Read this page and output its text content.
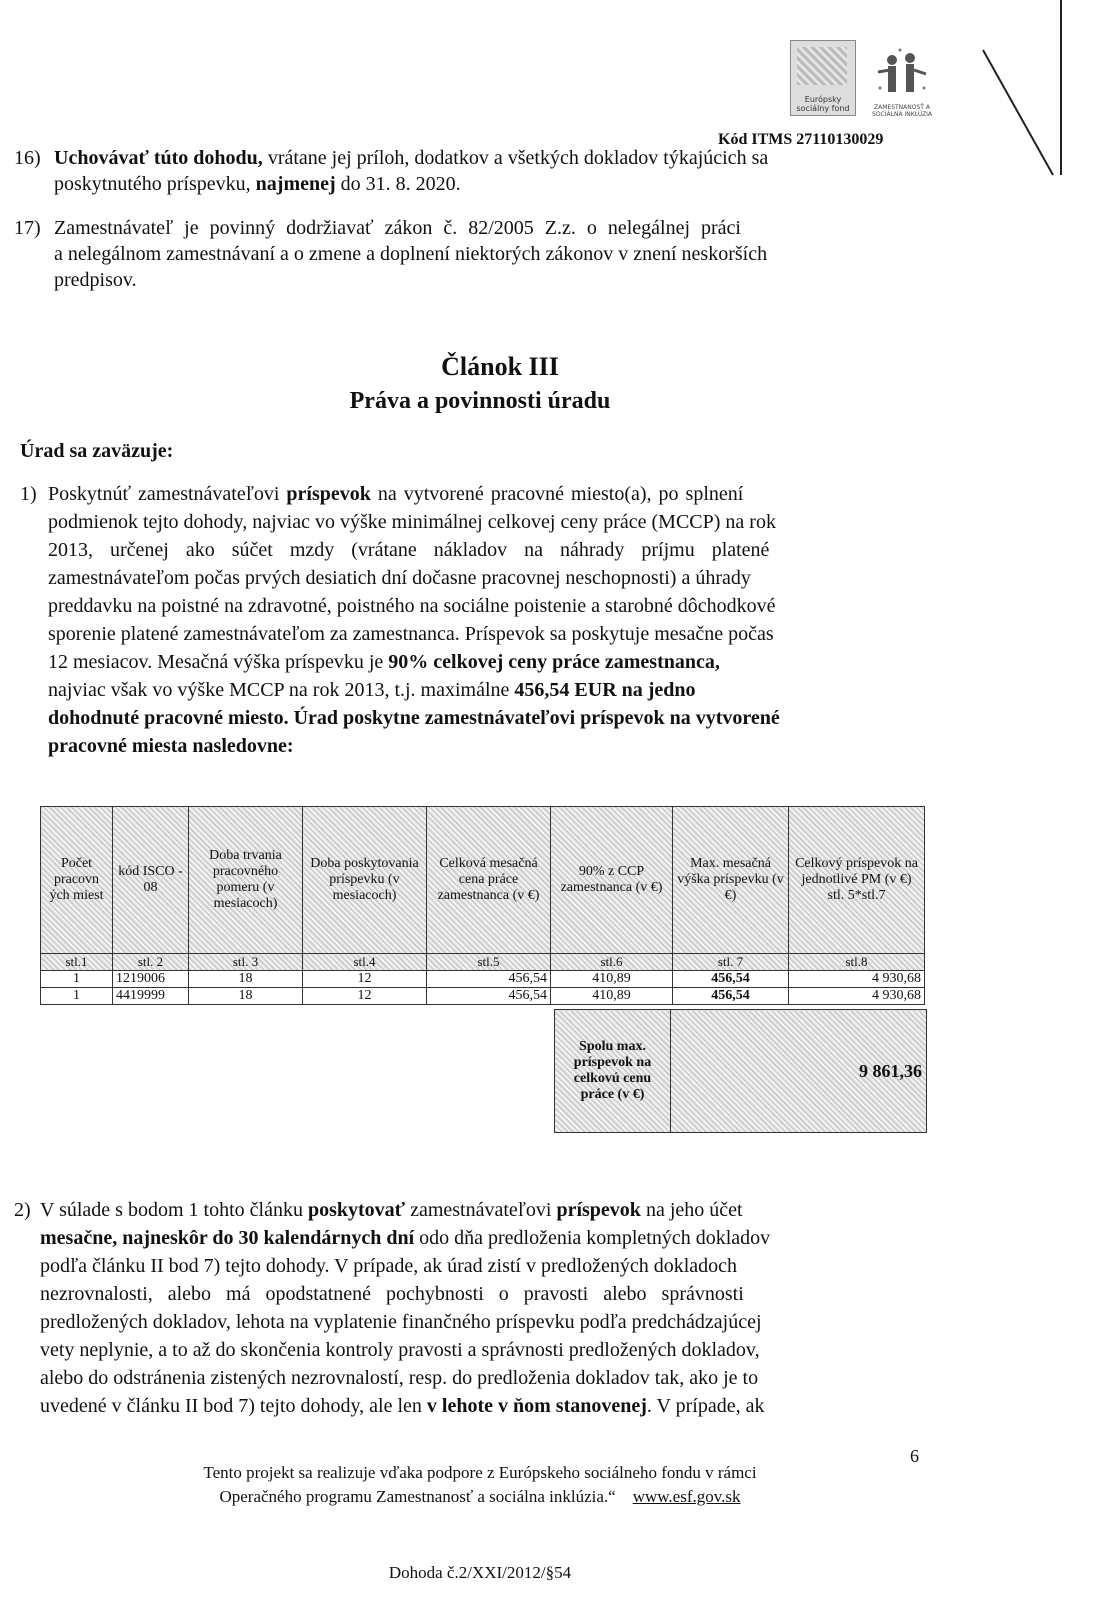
Európsky sociálny fond	ZAMESTNANOSŤ A SOCIÁLNA INKLÚZIA
Kód ITMS 27110130029
16) Uchovávať túto dohodu, vrátane jej príloh, dodatkov a všetkých dokladov týkajúcich sa
poskytnutého príspevku, najmenej do 31. 8. 2020.
17) Zamestnávateľ je povinný dodržiavať zákon č. 82/2005 Z.z. o nelegálnej práci
a nelegálnom zamestnávaní a o zmene a doplnení niektorých zákonov v znení neskorších
predpisov.
Článok III
Práva a povinnosti úradu
Úrad sa zaväzuje:
1) Poskytnúť zamestnávateľovi príspevok na vytvorené pracovné miesto(a), po splnení
podmienok tejto dohody, najviac vo výške minimálnej celkovej ceny práce (MCCP) na rok
2013, určenej ako súčet mzdy (vrátane nákladov na náhrady príjmu platené
zamestnávateľom počas prvých desiatich dní dočasne pracovnej neschopnosti) a úhrady
preddavku na poistné na zdravotné, poistného na sociálne poistenie a starobné dôchodkové
sporenie platené zamestnávateľom za zamestnanca. Príspevok sa poskytuje mesačne počas
12 mesiacov. Mesačná výška príspevku je 90% celkovej ceny práce zamestnanca,
najviac však vo výške MCCP na rok 2013, t.j. maximálne 456,54 EUR na jedno
dohodnuté pracovné miesto. Úrad poskytne zamestnávateľovi príspevok na vytvorené
pracovné miesta nasledovne:
Počet pracovn ých miest	kód ISCO - 08	Doba trvania pracovného pomeru (v mesiacoch)	Doba poskytovania príspevku (v mesiacoch)	Celková mesačná cena práce zamestnanca (v €)	90% z CCP zamestnanca (v €)	Max. mesačná výška príspevku (v €)	Celkový príspevok na jednotlivé PM (v €) stl. 5*stl.7
stl.1	stl. 2	stl. 3	stl.4	stl.5	stl.6	stl. 7	stl.8
1	1219006	18	12	456,54	410,89	456,54	4 930,68
1	4419999	18	12	456,54	410,89	456,54	4 930,68
Spolu max. príspevok na celkovú cenu práce (v €)	9 861,36
2) V súlade s bodom 1 tohto článku poskytovať zamestnávateľovi príspevok na jeho účet
mesačne, najneskôr do 30 kalendárnych dní odo dňa predloženia kompletných dokladov
podľa článku II bod 7) tejto dohody. V prípade, ak úrad zistí v predložených dokladoch
nezrovnalosti, alebo má opodstatnené pochybnosti o pravosti alebo správnosti
predložených dokladov, lehota na vyplatenie finančného príspevku podľa predchádzajúcej
vety neplynie, a to až do skončenia kontroly pravosti a správnosti predložených dokladov,
alebo do odstránenia zistených nezrovnalostí, resp. do predloženia dokladov tak, ako je to
uvedené v článku II bod 7) tejto dohody, ale len v lehote v ňom stanovenej. V prípade, ak
6
Tento projekt sa realizuje vďaka podpore z Európskeho sociálneho fondu v rámci
Operačného programu Zamestnanosť a sociálna inklúzia.“ www.esf.gov.sk
Dohoda č.2/XXI/2012/§54
